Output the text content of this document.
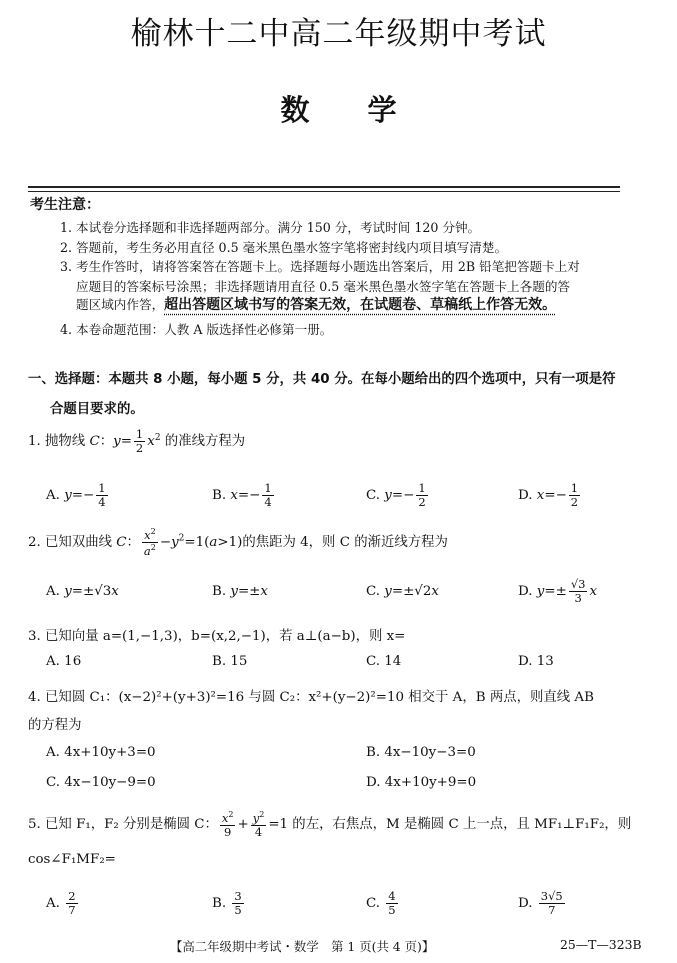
榆林十二中高二年级期中考试
数　　学
考生注意：
1. 本试卷分选择题和非选择题两部分。满分 150 分，考试时间 120 分钟。
2. 答题前，考生务必用直径 0.5 毫米黑色墨水签字笔将密封线内项目填写清楚。
3. 考生作答时，请将答案答在答题卡上。选择题每小题选出答案后，用 2B 铅笔把答题卡上对
应题目的答案标号涂黑；非选择题请用直径 0.5 毫米黑色墨水签字笔在答题卡上各题的答
题区域内作答，超出答题区域书写的答案无效，在试题卷、草稿纸上作答无效。
4. 本卷命题范围：人教 A 版选择性必修第一册。
一、选择题：本题共 8 小题，每小题 5 分，共 40 分。在每小题给出的四个选项中，只有一项是符
合题目要求的。
1. 抛物线 C：$y= \frac{1}{2} x^2$ 的准线方程为
A. $y=- \frac{1}{4}$	B. $x=- \frac{1}{4}$	C. $y=- \frac{1}{2}$	D. $x=- \frac{1}{2}$
2. 已知双曲线 C： $\frac{x^2}{a^2} -y^2=1(a>1)$的焦距为 4，则 C 的渐近线方程为
A. y=±√3x	B. y=±x	C. y=±√2x	D. $y=\pm \frac{√3}{3}$ x
3. 已知向量 a=(1,−1,3)，b=(x,2,−1)，若 a⊥(a−b)，则 x=
A. 16	B. 15	C. 14	D. 13
4. 已知圆 C₁：(x−2)²+(y+3)²=16 与圆 C₂：x²+(y−2)²=10 相交于 A，B 两点，则直线 AB
的方程为
A. 4x+10y+3=0	B. 4x−10y−3=0
C. 4x−10y−9=0	D. 4x+10y+9=0
5. 已知 F₁，F₂ 分别是椭圆 C： $\frac{x^2}{9} + \frac{y^2}{4} =1$ 的左，右焦点，M 是椭圆 C 上一点，且 MF₁⊥F₁F₂，则
cos∠F₁MF₂=
A. $\frac{2}{7}$	B. $\frac{3}{5}$	C. $\frac{4}{5}$	D. $\frac{3√5}{7}$
【高二年级期中考试・数学　第 1 页(共 4 页)】	25—T—323B
